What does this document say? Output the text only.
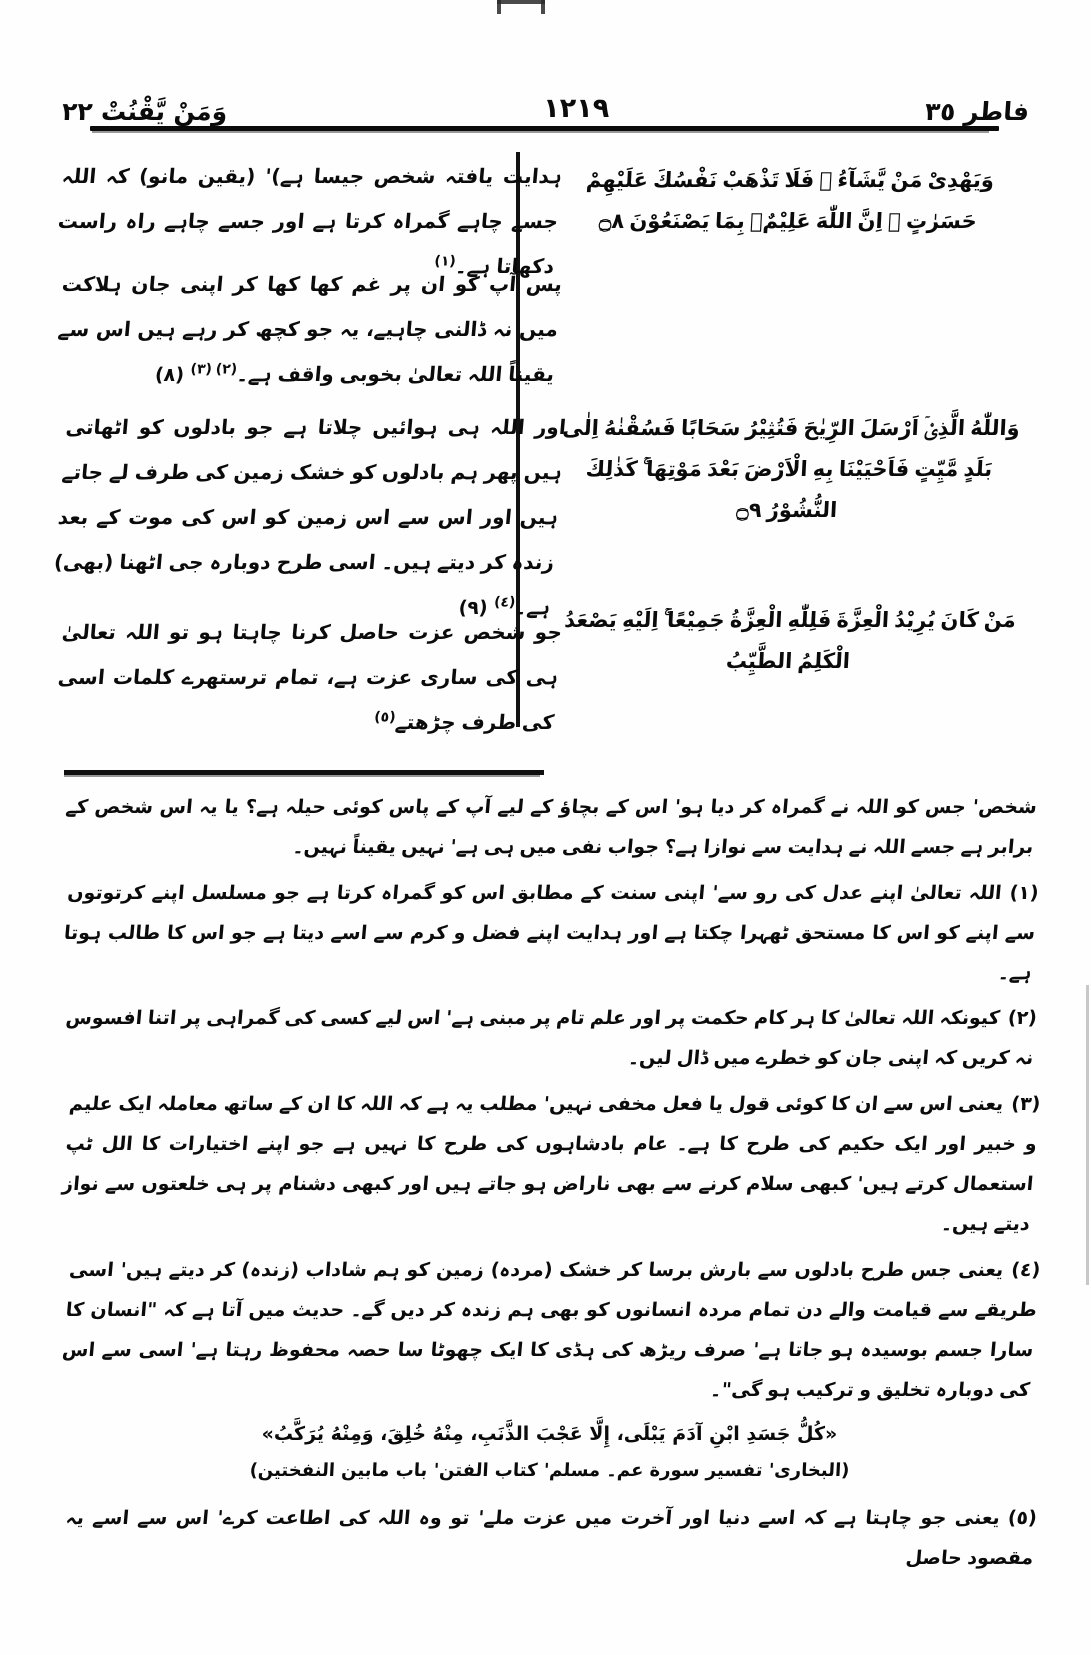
وَمَنْ يَّقْنُتْ ٢٢	١٢١٩	فاطر ٣٥
وَيَهْدِىْ مَنْ يَّشَآءُ ۚ فَلَا تَذْهَبْ نَفْسُكَ عَلَيْهِمْ حَسَرٰتٍ ۚ اِنَّ اللّٰهَ عَلِيْمٌۢ بِمَا يَصْنَعُوْنَ ۝٨
وَاللّٰهُ الَّذِىْۤ اَرْسَلَ الرِّيٰحَ فَتُثِيْرُ سَحَابًا فَسُقْنٰهُ اِلٰى بَلَدٍ مَّيِّتٍ فَاَحْيَيْنَا بِهِ الْاَرْضَ بَعْدَ مَوْتِهَا ۚ كَذٰلِكَ النُّشُوْرُ ۝٩
مَنْ كَانَ يُرِيْدُ الْعِزَّةَ فَلِلّٰهِ الْعِزَّةُ جَمِيْعًا ۚ اِلَيْهِ يَصْعَدُ الْكَلِمُ الطَّيِّبُ
ہدایت یافتہ شخص جیسا ہے)' (یقین مانو) کہ اللہ جسے چاہے گمراہ کرتا ہے اور جسے چاہے راہ راست دکھاتا ہے۔$^{(١)}$
پس آپ کو ان پر غم کھا کھا کر اپنی جان ہلاکت میں نہ ڈالنی چاہیے، یہ جو کچھ کر رہے ہیں اس سے یقیناً اللہ تعالیٰ بخوبی واقف ہے۔$^{(٢) (٣)}$ (٨)
اور اللہ ہی ہوائیں چلاتا ہے جو بادلوں کو اٹھاتی ہیں پھر ہم بادلوں کو خشک زمین کی طرف لے جاتے ہیں اور اس سے اس زمین کو اس کی موت کے بعد زندہ کر دیتے ہیں۔ اسی طرح دوبارہ جی اٹھنا (بھی) ہے۔$^{(٤)}$ (٩)
جو شخص عزت حاصل کرنا چاہتا ہو تو اللہ تعالیٰ ہی کی ساری عزت ہے، تمام ترستھرے کلمات اسی کی طرف چڑھتے$^{(٥)}$
شخص' جس کو اللہ نے گمراہ کر دیا ہو' اس کے بچاؤ کے لیے آپ کے پاس کوئی حیلہ ہے؟ یا یہ اس شخص کے برابر ہے جسے اللہ نے ہدایت سے نوازا ہے؟ جواب نفی میں ہی ہے' نہیں یقیناً نہیں۔
(١)اللہ تعالیٰ اپنے عدل کی رو سے' اپنی سنت کے مطابق اس کو گمراہ کرتا ہے جو مسلسل اپنے کرتوتوں سے اپنے کو اس کا مستحق ٹھہرا چکتا ہے اور ہدایت اپنے فضل و کرم سے اسے دیتا ہے جو اس کا طالب ہوتا ہے۔
(٢)کیونکہ اللہ تعالیٰ کا ہر کام حکمت پر اور علم تام پر مبنی ہے' اس لیے کسی کی گمراہی پر اتنا افسوس نہ کریں کہ اپنی جان کو خطرے میں ڈال لیں۔
(٣)یعنی اس سے ان کا کوئی قول یا فعل مخفی نہیں' مطلب یہ ہے کہ اللہ کا ان کے ساتھ معاملہ ایک علیم و خبیر اور ایک حکیم کی طرح کا ہے۔ عام بادشاہوں کی طرح کا نہیں ہے جو اپنے اختیارات کا الل ٹپ استعمال کرتے ہیں' کبھی سلام کرنے سے بھی ناراض ہو جاتے ہیں اور کبھی دشنام پر ہی خلعتوں سے نواز دیتے ہیں۔
(٤)یعنی جس طرح بادلوں سے بارش برسا کر خشک (مردہ) زمین کو ہم شاداب (زندہ) کر دیتے ہیں' اسی طریقے سے قیامت والے دن تمام مردہ انسانوں کو بھی ہم زندہ کر دیں گے۔ حدیث میں آتا ہے کہ "انسان کا سارا جسم بوسیدہ ہو جاتا ہے' صرف ریڑھ کی ہڈی کا ایک چھوٹا سا حصہ محفوظ رہتا ہے' اسی سے اس کی دوبارہ تخلیق و ترکیب ہو گی"۔
«كُلُّ جَسَدِ ابْنِ آدَمَ يَبْلَى، إِلَّا عَجْبَ الذَّنَبِ، مِنْهُ خُلِقَ، وَمِنْهُ يُرَكَّبُ»
(البخاری' تفسیر سورة عم۔ مسلم' کتاب الفتن' باب مابین النفختین)
(٥)یعنی جو چاہتا ہے کہ اسے دنیا اور آخرت میں عزت ملے' تو وہ اللہ کی اطاعت کرے' اس سے اسے یہ مقصود حاصل
